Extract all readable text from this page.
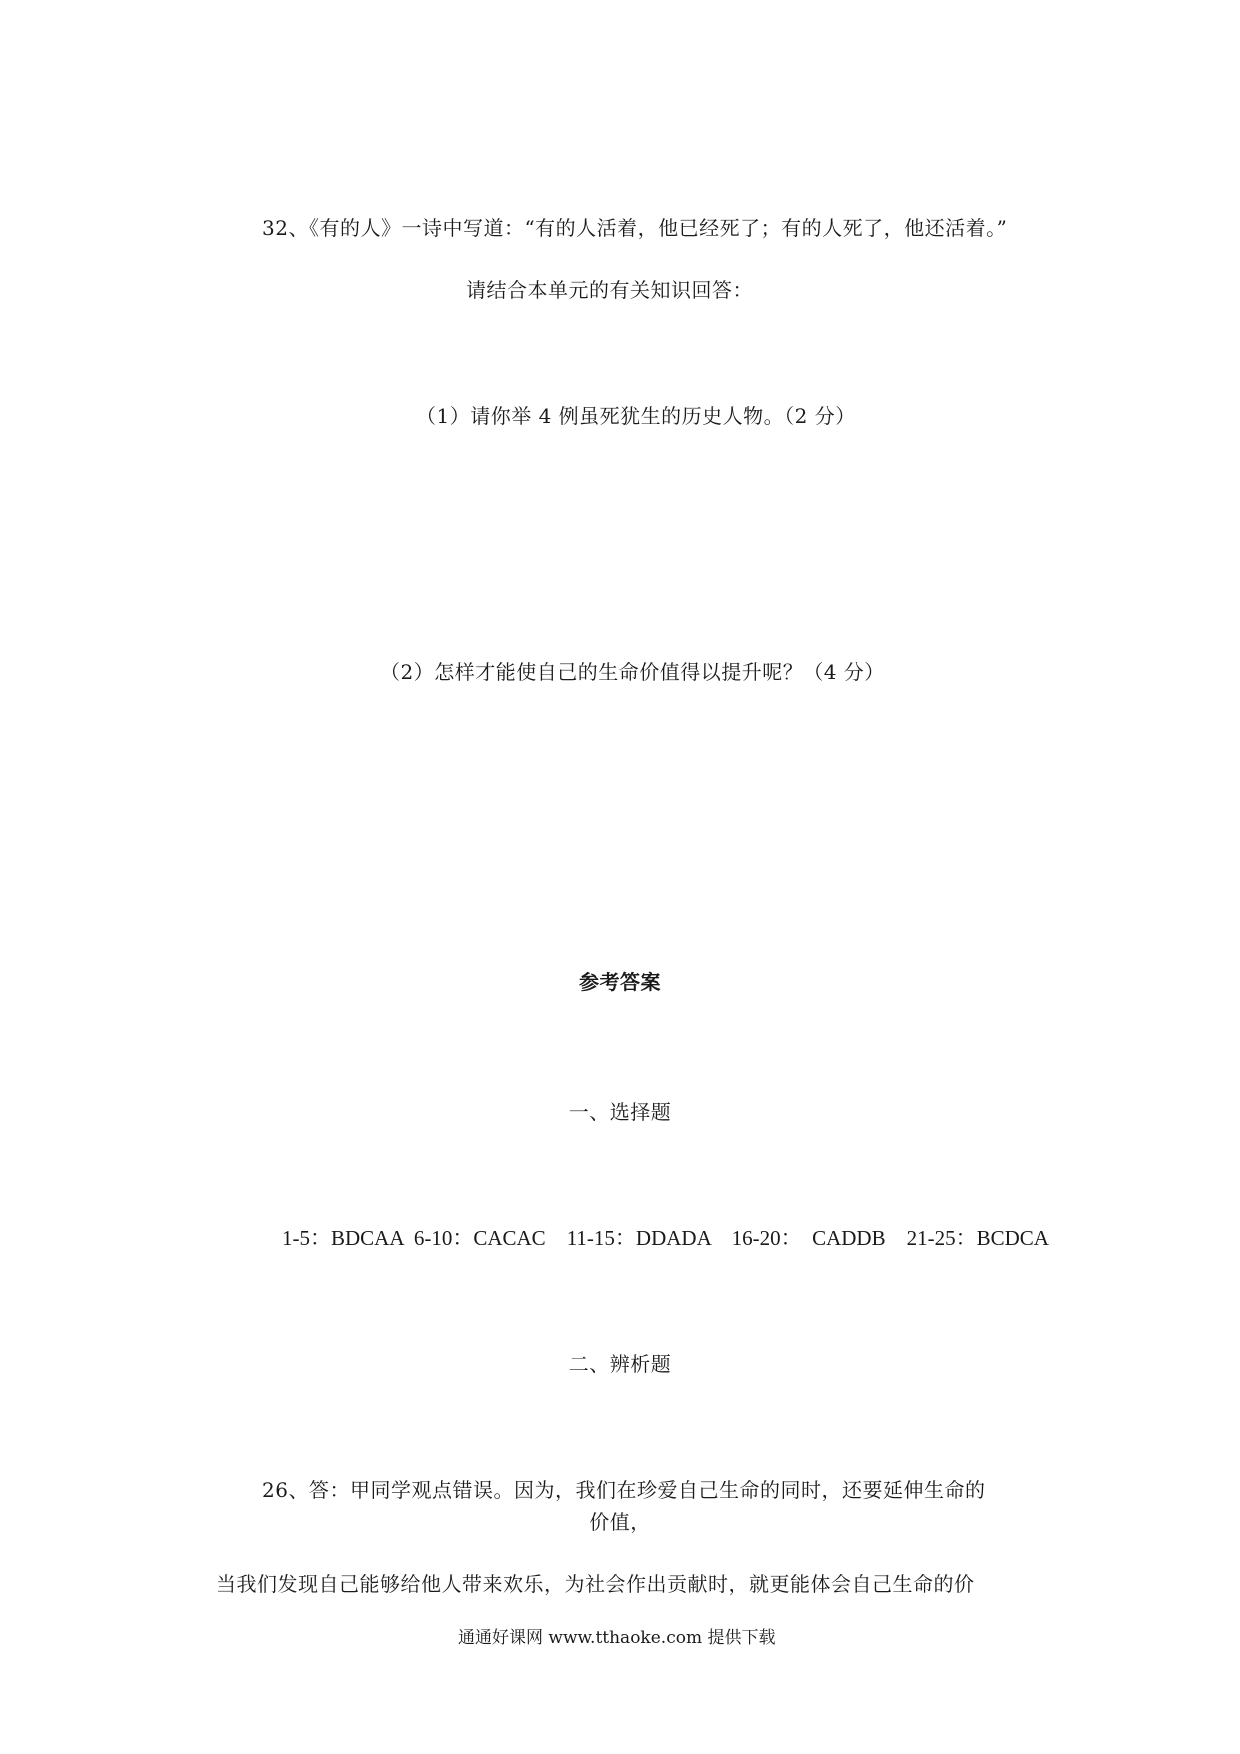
32、《有的人》一诗中写道：“有的人活着，他已经死了；有的人死了，他还活着。”
请结合本单元的有关知识回答：
（1）请你举 4 例虽死犹生的历史人物。（2 分）
（2）怎样才能使自己的生命价值得以提升呢？（4 分）
参考答案
一、选择题
1-5：BDCAA  6-10：CACAC    11-15：DDADA    16-20：  CADDB    21-25：BCDCA
二、辨析题
26、答：甲同学观点错误。因为，我们在珍爱自己生命的同时，还要延伸生命的
价值，
当我们发现自己能够给他人带来欢乐，为社会作出贡献时，就更能体会自己生命的价
通通好课网 www.tthaoke.com 提供下载
